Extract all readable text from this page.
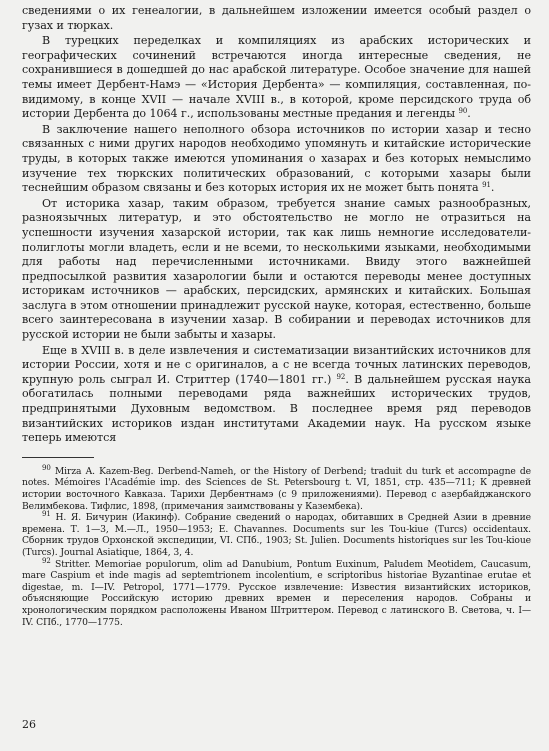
сведениями о их генеалогии, в дальнейшем изложении имеется особый раздел о гузах и тюрках.

В турецких переделках и компиляциях из арабских исторических и географических сочинений встречаются иногда интересные сведения, не сохранившиеся в дошедшей до нас арабской литературе. Особое значение для нашей темы имеет Дербент-Намэ — «История Дербента» — компиляция, составленная, по-видимому, в конце XVII — начале XVIII в., в которой, кроме персидского труда об истории Дербента до 1064 г., использованы местные предания и легенды $^{90}$.

В заключение нашего неполного обзора источников по истории хазар и тесно связанных с ними других народов необходимо упомянуть и китайские исторические труды, в которых также имеются упоминания о хазарах и без которых немыслимо изучение тех тюркских политических образований, с которыми хазары были теснейшим образом связаны и без которых история их не может быть понята $^{91}$.

От историка хазар, таким образом, требуется знание самых разнообразных, разноязычных литератур, и это обстоятельство не могло не отразиться на успешности изучения хазарской истории, так как лишь немногие исследователи-полиглоты могли владеть, если и не всеми, то несколькими языками, необходимыми для работы над перечисленными источниками. Ввиду этого важнейшей предпосылкой развития хазарологии были и остаются переводы менее доступных историкам источников — арабских, персидских, армянских и китайских. Большая заслуга в этом отношении принадлежит русской науке, которая, естественно, больше всего заинтересована в изучении хазар. В собирании и переводах источников для русской истории не были забыты и хазары.

Еще в XVIII в. в деле извлечения и систематизации византийских источников для истории России, хотя и не с оригиналов, а с не всегда точных латинских переводов, крупную роль сыграл И. Стриттер (1740—1801 гг.) $^{92}$. В дальнейшем русская наука обогатилась полными переводами ряда важнейших исторических трудов, предпринятыми Духовным ведомством. В последнее время ряд переводов византийских историков издан институтами Академии наук. На русском языке теперь имеются

$^{90}$ Mirza A. Kazem-Beg. Derbend-Nameh, or the History of Derbend; traduit du turk et accompagne de notes. Mémoires l'Académie imp. des Sciences de St. Petersbourg t. VI, 1851, стр. 435—711; К древней истории восточного Кавказа. Тарихи Дербентнамэ (с 9 приложениями). Перевод с азербайджанского Велимбекова. Тифлис, 1898, (примечания заимствованы у Казембека).

$^{91}$ Н. Я. Бичурин (Иакинф). Собрание сведений о народах, обитавших в Средней Азии в древние времена. Т. 1—3, М.—Л., 1950—1953; E. Chavannes. Documents sur les Tou-kiue (Turcs) occidentaux. Сборник трудов Орхонской экспедиции, VI. СПб., 1903; St. Julien. Documents historiques sur les Tou-kioue (Turcs). Journal Asiatique, 1864, 3, 4.

$^{92}$ Stritter. Memoriae populorum, olim ad Danubium, Pontum Euxinum, Paludem Meotidem, Caucasum, mare Caspium et inde magis ad septemtrionem incolentium, e scriptoribus historiae Byzantinae erutae et digestae, m. I—IV. Petropol, 1771—1779. Русское извлечение: Известия византийских историков, объясняющие Российскую историю древних времен и переселения народов. Собраны и хронологическим порядком расположены Иваном Штриттером. Перевод с латинского В. Светова, ч. I—IV. СПб., 1770—1775.

26
